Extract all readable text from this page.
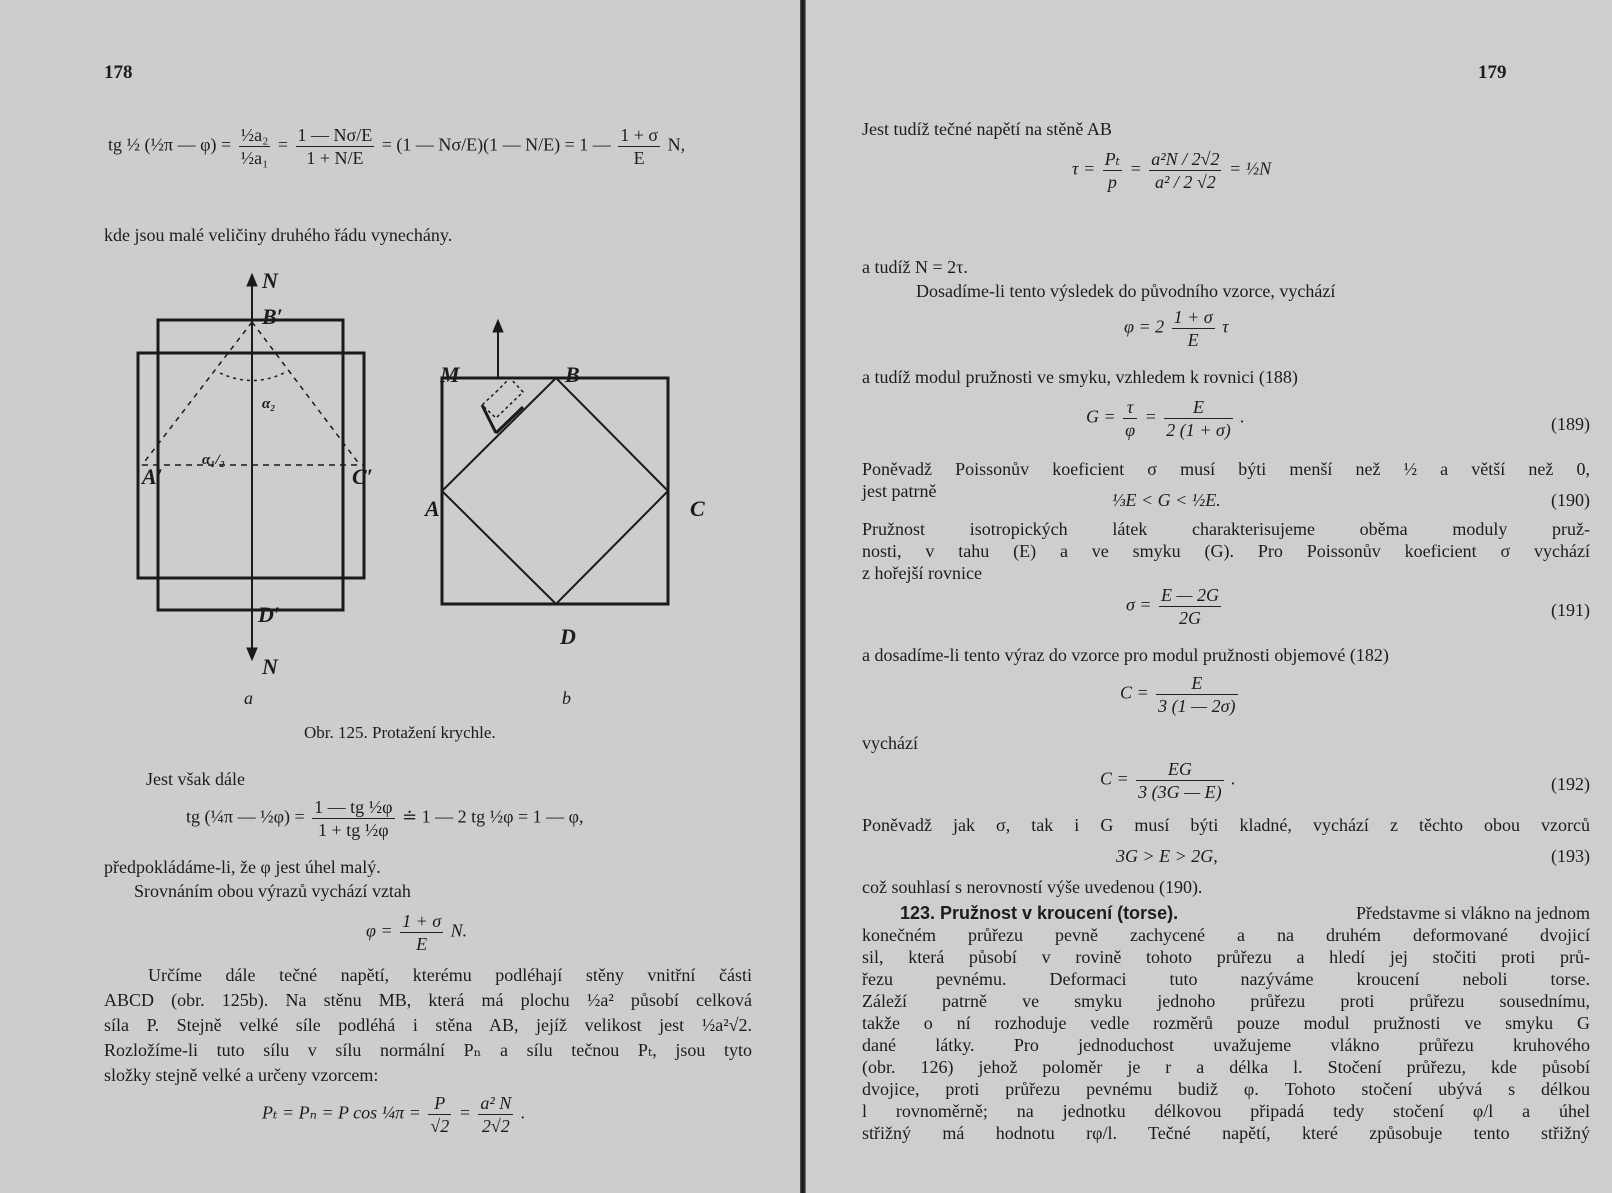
178
tg ½ (½π — $\varphi) = \frac{\text{½a₂}}{\text{½a₁}} = \frac{1 — N\sigma/E}{1 + N/E} = (1$ — Nσ/E)(1 — N/E) = 1 — $\frac{1 + \sigma}{E} N$,
kde jsou malé veličiny druhého řádu vynechány.
N
B′
α₂
α₁/₂
A′	C′
D′
N
a
M	B
A	C
D
b
Obr. 125. Protažení krychle.
Jest však dále
tg (¼π — ½φ) = $\frac{\text{1 — tg ½φ}}{\text{1 + tg ½φ}}$ ≐ 1 — 2 tg ½φ = 1 — φ,
předpokládáme-li, že φ jest úhel malý.
Srovnáním obou výrazů vychází vztah
$\varphi = \frac{1 + \sigma}{E} N$.
Určíme dále tečné napětí, kterému podléhají stěny vnitřní části
ABCD (obr. 125b). Na stěnu MB, která má plochu ½a² působí celková
síla P. Stejně velké síle podléhá i stěna AB, jejíž velikost jest ½a²√2.
Rozložíme-li tuto sílu v sílu normální Pₙ a sílu tečnou Pₜ, jsou tyto
složky stejně velké a určeny vzorcem:
Pₜ = Pₙ = P cos ¼π = $\frac{P}{√2} = \frac{\text{a² N}}{2√2}$ .
179
Jest tudíž tečné napětí na stěně AB
$\tau = \frac{\text{Pₜ}}{p} = \frac{\text{a²N / 2√2}}{\text{a² / 2 √2}}$ = ½N
a tudíž N = 2τ.
Dosadíme-li tento výsledek do původního vzorce, vychází
$\varphi = 2 \frac{1 + \sigma}{E}$ τ
a tudíž modul pružnosti ve smyku, vzhledem k rovnici (188)
$G = \frac{\tau}{\varphi} = \frac{E}{2 (1 + \sigma)}$ .	(189)
Poněvadž Poissonův koeficient σ musí býti menší než ½ a větší než 0,
jest patrně	⅓E < G < ½E.	(190)
Pružnost isotropických látek charakterisujeme oběma moduly pruž-
nosti, v tahu (E) a ve smyku (G). Pro Poissonův koeficient σ vychází
z hořejší rovnice
$\sigma = \frac{E — 2G}{2G}$	(191)
a dosadíme-li tento výraz do vzorce pro modul pružnosti objemové (182)
$C = \frac{E}{3 (1 — 2\sigma)}$
vychází
$C = \frac{EG}{3 (3G — E)}$ .	(192)
Poněvadž jak σ, tak i G musí býti kladné, vychází z těchto obou vzorců
3G > E > 2G,	(193)
což souhlasí s nerovností výše uvedenou (190).
123. Pružnost v kroucení (torse).	Představme si vlákno na jednom
konečném průřezu pevně zachycené a na druhém deformované dvojicí
sil, která působí v rovině tohoto průřezu a hledí jej stočiti proti prů-
řezu pevnému. Deformaci tuto nazýváme kroucení neboli torse.
Záleží patrně ve smyku jednoho průřezu proti průřezu sousednímu,
takže o ní rozhoduje vedle rozměrů pouze modul pružnosti ve smyku G
dané látky. Pro jednoduchost uvažujeme vlákno průřezu kruhového
(obr. 126) jehož poloměr je r a délka l. Stočení průřezu, kde působí
dvojice, proti průřezu pevnému budiž φ. Tohoto stočení ubývá s délkou
l rovnoměrně; na jednotku délkovou připadá tedy stočení φ/l a úhel
střižný má hodnotu rφ/l. Tečné napětí, které způsobuje tento střižný
